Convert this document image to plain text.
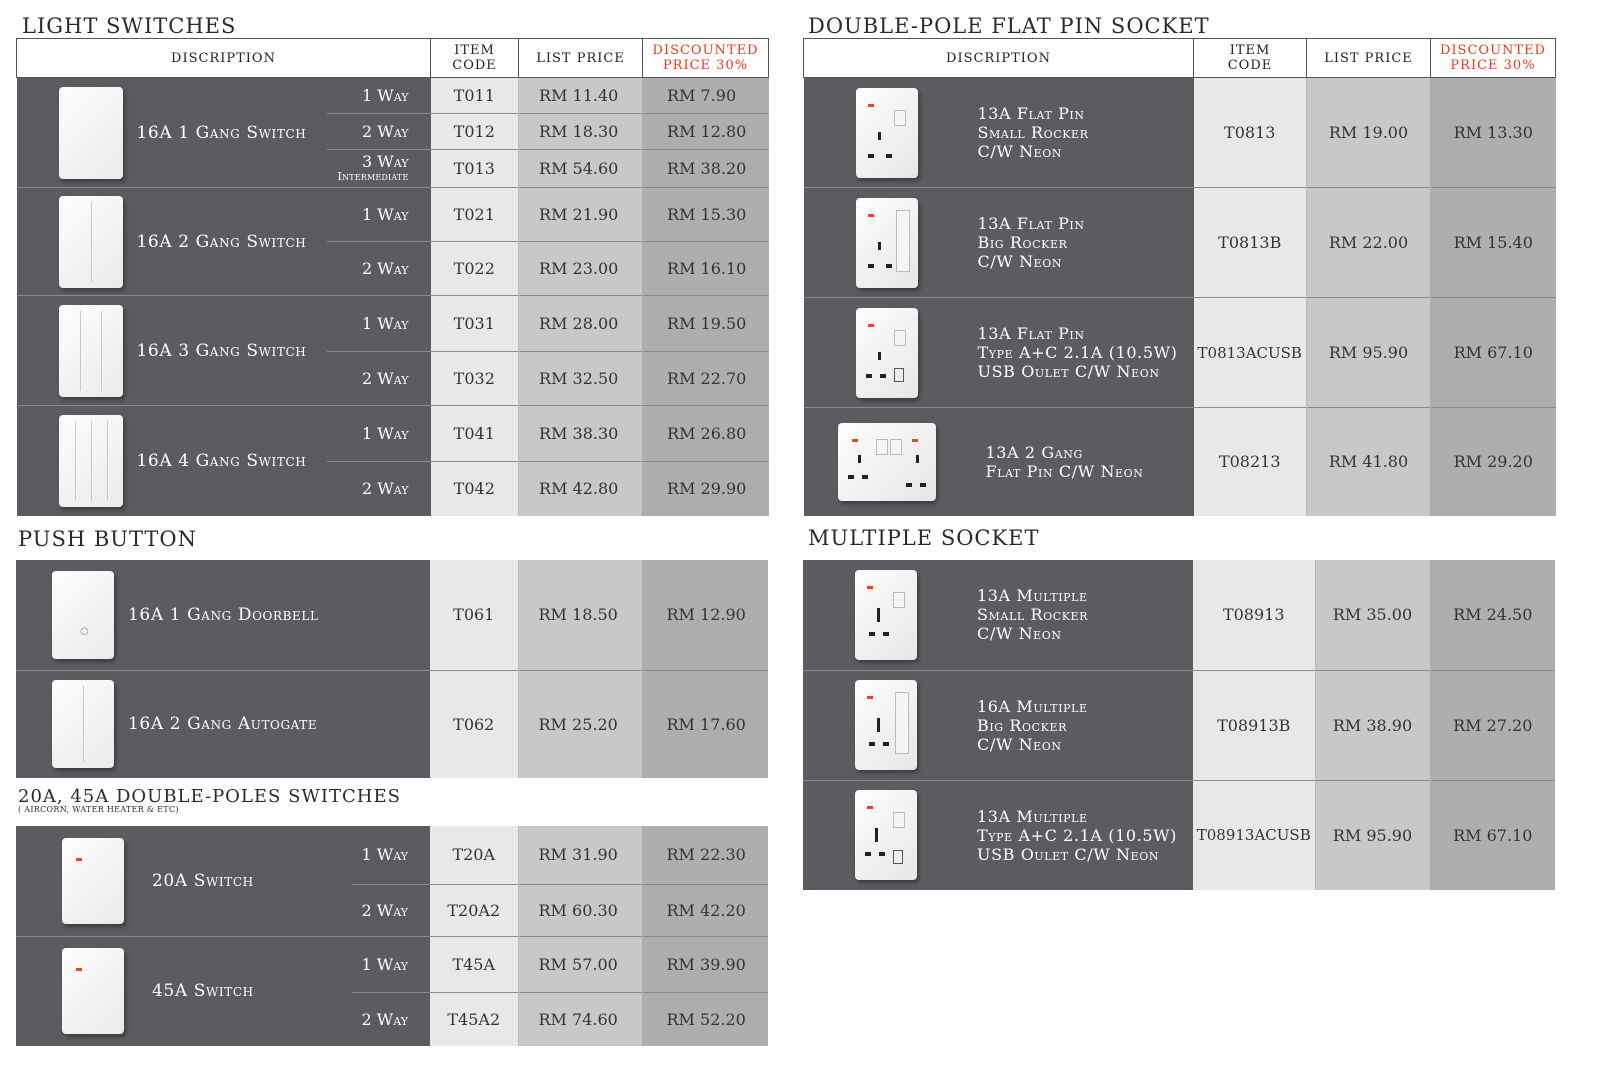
LIGHT SWITCHES
DISCRIPTION		ITEM
CODE	LIST PRICE	DISCOUNTED
PRICE 30%

16A 1 Gang Switch	1 Way	T011	RM 11.40	RM 7.90
	2 Way	T012	RM 18.30	RM 12.80
	3 Way
Intermediate	T013	RM 54.60	RM 38.20

16A 2 Gang Switch	1 Way	T021	RM 21.90	RM 15.30
	2 Way	T022	RM 23.00	RM 16.10

16A 3 Gang Switch	1 Way	T031	RM 28.00	RM 19.50
	2 Way	T032	RM 32.50	RM 22.70

16A 4 Gang Switch	1 Way	T041	RM 38.30	RM 26.80
	2 Way	T042	RM 42.80	RM 29.90
PUSH BUTTON
○
16A 1 Gang Doorbell	T061	RM 18.50	RM 12.90

16A 2 Gang Autogate	T062	RM 25.20	RM 17.60
20A, 45A DOUBLE-POLES SWITCHES
( AIRCORN, WATER HEATER & ETC)
20A Switch	1 Way	T20A	RM 31.90	RM 22.30
	2 Way	T20A2	RM 60.30	RM 42.20

45A Switch	1 Way	T45A	RM 57.00	RM 39.90
	2 Way	T45A2	RM 74.60	RM 52.20
DOUBLE-POLE FLAT PIN SOCKET
DISCRIPTION	ITEM
CODE	LIST PRICE	DISCOUNTED
PRICE 30%

13A Flat Pin
Small Rocker
C/W Neon	T0813	RM 19.00	RM 13.30

13A Flat Pin
Big Rocker
C/W Neon	T0813B	RM 22.00	RM 15.40

13A Flat Pin
Type A+C 2.1A (10.5W)
USB Oulet C/W Neon	T0813ACUSB	RM 95.90	RM 67.10

13A 2 Gang
Flat Pin C/W Neon	T08213	RM 41.80	RM 29.20
MULTIPLE SOCKET
13A Multiple
Small Rocker
C/W Neon	T08913	RM 35.00	RM 24.50

16A Multiple
Big Rocker
C/W Neon	T08913B	RM 38.90	RM 27.20

13A Multiple
Type A+C 2.1A (10.5W)
USB Oulet C/W Neon	T08913ACUSB	RM 95.90	RM 67.10
